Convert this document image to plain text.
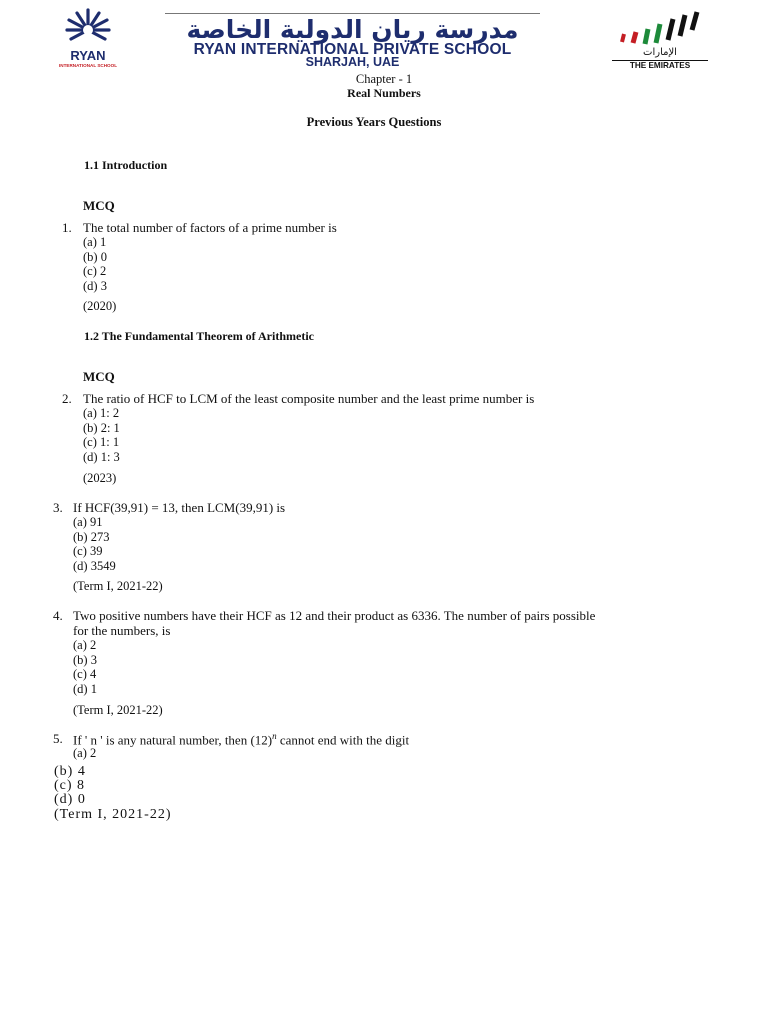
RYAN
INTERNATIONAL SCHOOL
مدرسة ريان الدولية الخاصة
RYAN INTERNATIONAL PRIVATE SCHOOL
SHARJAH, UAE
الإمارات
THE EMIRATES
Chapter - 1
Real Numbers
Previous Years Questions
1.1 Introduction
MCQ
1. The total number of factors of a prime number is
(a) 1
(b) 0
(c) 2
(d) 3
(2020)
1.2 The Fundamental Theorem of Arithmetic
MCQ
2. The ratio of HCF to LCM of the least composite number and the least prime number is
(a) 1: 2
(b) 2: 1
(c) 1: 1
(d) 1: 3
(2023)
3. If HCF(39,91) = 13, then LCM(39,91) is
(a) 91
(b) 273
(c) 39
(d) 3549
(Term I, 2021-22)
4. Two positive numbers have their HCF as 12 and their product as 6336. The number of pairs possible
for the numbers, is
(a) 2
(b) 3
(c) 4
(d) 1
(Term I, 2021-22)
5. If ' n ' is any natural number, then $(12)^n$ cannot end with the digit
(a) 2
(b) 4
(c) 8
(d) 0
(Term I, 2021-22)
